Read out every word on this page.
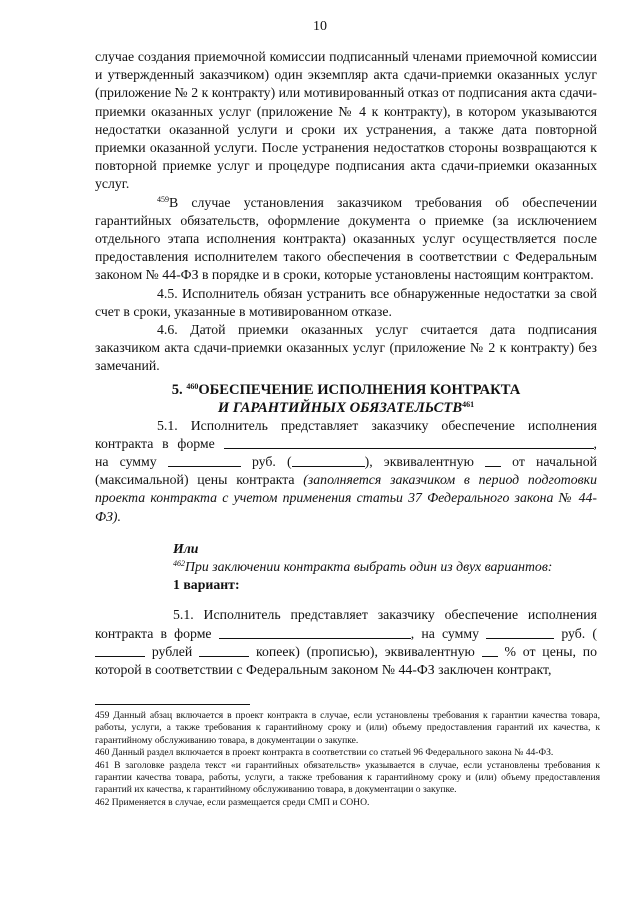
10

случае создания приемочной комиссии подписанный членами приемочной комиссии и утвержденный заказчиком) один экземпляр акта сдачи-приемки оказанных услуг (приложение № 2 к контракту) или мотивированный отказ от подписания акта сдачи-приемки оказанных услуг (приложение № 4 к контракту), в котором указываются недостатки оказанной услуги и сроки их устранения, а также дата повторной приемки оказанной услуги. После устранения недостатков стороны возвращаются к повторной приемке услуг и процедуре подписания акта сдачи-приемки оказанных услуг.

$^{459}$В случае установления заказчиком требования об обеспечении гарантийных обязательств, оформление документа о приемке (за исключением отдельного этапа исполнения контракта) оказанных услуг осуществляется после предоставления исполнителем такого обеспечения в соответствии с Федеральным законом № 44-ФЗ в порядке и в сроки, которые установлены настоящим контрактом.

4.5. Исполнитель обязан устранить все обнаруженные недостатки за свой счет в сроки, указанные в мотивированном отказе.

4.6. Датой приемки оказанных услуг считается дата подписания заказчиком акта сдачи-приемки оказанных услуг (приложение № 2 к контракту) без замечаний.

5. $^{460}$ОБЕСПЕЧЕНИЕ ИСПОЛНЕНИЯ КОНТРАКТА
И ГАРАНТИЙНЫХ ОБЯЗАТЕЛЬСТВ$^{461}$

5.1. Исполнитель представляет заказчику обеспечение исполнения контракта в форме	, на сумму	руб. (	), эквивалентную	от начальной (максимальной) цены контракта (заполняется заказчиком в период подготовки проекта контракта с учетом применения статьи 37 Федерального закона № 44-ФЗ).

Или

$^{462}$При заключении контракта выбрать один из двух вариантов:

1 вариант:

5.1. Исполнитель представляет заказчику обеспечение исполнения контракта в форме	, на сумму	руб. ( рублей	копеек) (прописью), эквивалентную % от цены, по которой в соответствии с Федеральным законом № 44-ФЗ заключен контракт,

459 Данный абзац включается в проект контракта в случае, если установлены требования к гарантии качества товара, работы, услуги, а также требования к гарантийному сроку и (или) объему предоставления гарантий их качества, к гарантийному обслуживанию товара, в документации о закупке.

460 Данный раздел включается в проект контракта в соответствии со статьей 96 Федерального закона № 44-ФЗ.

461 В заголовке раздела текст «и гарантийных обязательств» указывается в случае, если установлены требования к гарантии качества товара, работы, услуги, а также требования к гарантийному сроку и (или) объему предоставления гарантий их качества, к гарантийному обслуживанию товара, в документации о закупке.

462 Применяется в случае, если размещается среди СМП и СОНО.
